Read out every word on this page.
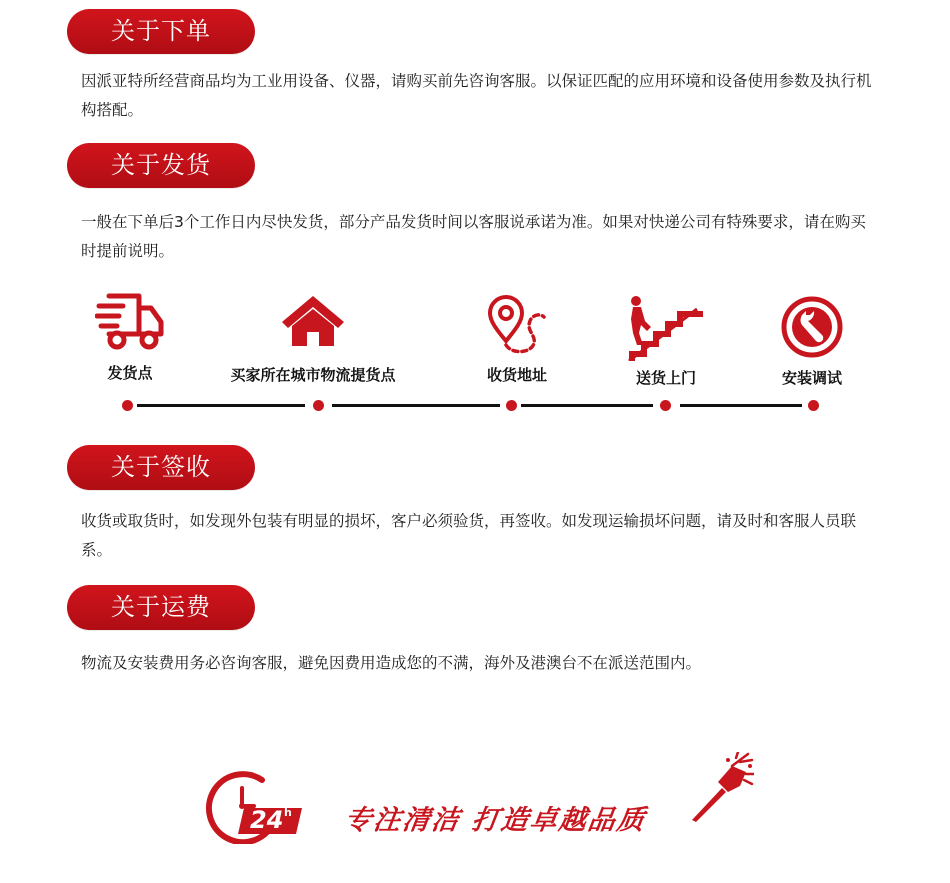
关于下单
因派亚特所经营商品均为工业用设备、仪器，请购买前先咨询客服。以保证匹配的应用环境和设备使用参数及执行机构搭配。
关于发货
一般在下单后3个工作日内尽快发货，部分产品发货时间以客服说承诺为准。如果对快递公司有特殊要求，请在购买时提前说明。
发货点	买家所在城市物流提货点	收货地址	送货上门	安装调试
关于签收
收货或取货时，如发现外包装有明显的损坏，客户必须验货，再签收。如发现运输损坏问题，请及时和客服人员联系。
关于运费
物流及安装费用务必咨询客服，避免因费用造成您的不满，海外及港澳台不在派送范围内。
24 h 专注清洁 打造卓越品质
